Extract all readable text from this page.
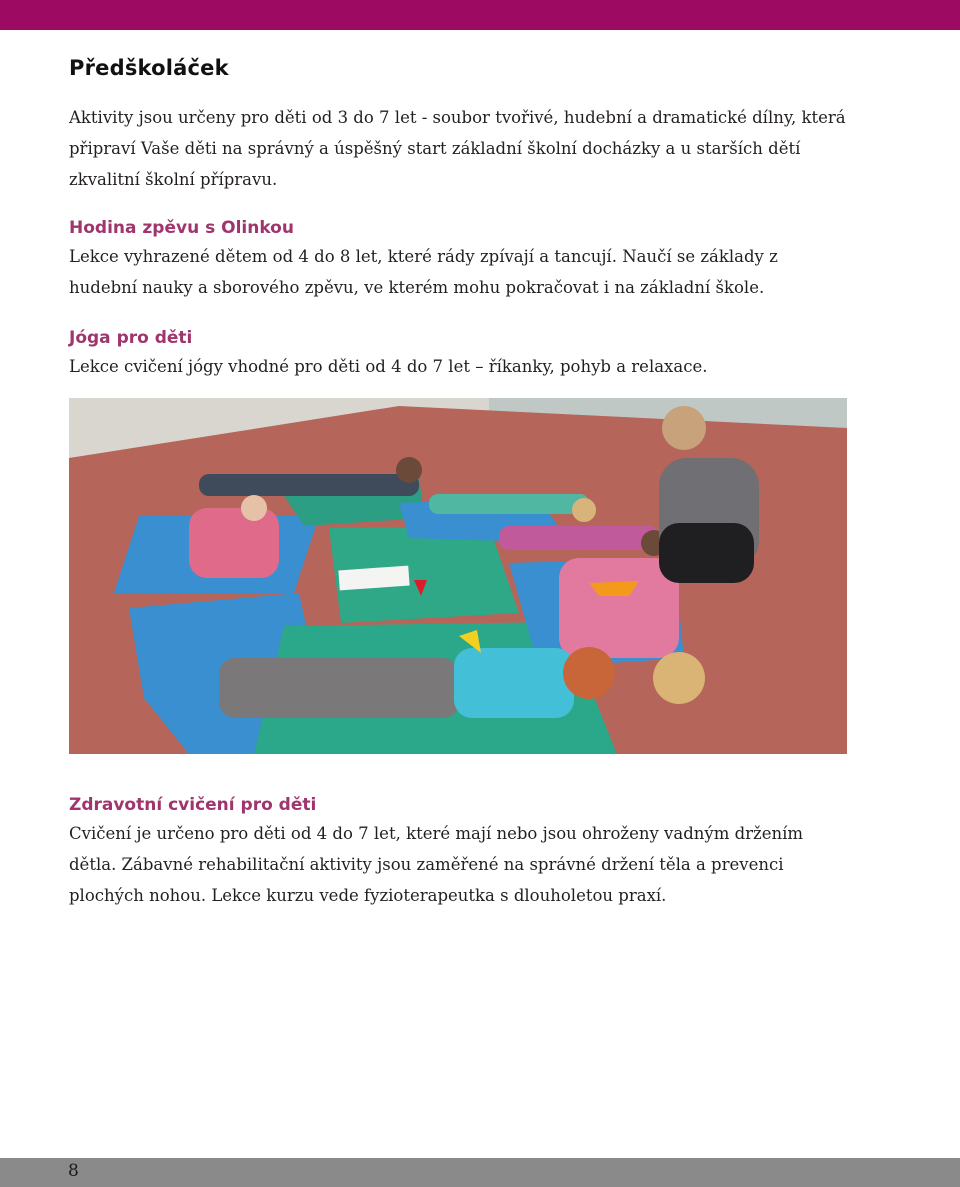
Předškoláček

Aktivity jsou určeny pro děti od 3 do 7 let - soubor tvořivé, hudební a dramatické dílny, která připraví Vaše děti na správný a úspěšný start základní školní docházky a u starších dětí zkvalitní školní přípravu.

Hodina zpěvu s Olinkou

Lekce vyhrazené dětem od 4 do 8 let, které rády zpívají a tancují. Naučí se základy z hudební nauky a sborového zpěvu, ve kterém mohu pokračovat i na základní škole.

Jóga pro děti

Lekce cvičení jógy vhodné pro děti od 4 do 7 let – říkanky, pohyb a relaxace.

Zdravotní cvičení pro děti

Cvičení je určeno pro děti od 4 do 7 let, které mají nebo jsou ohroženy vadným držením dětla. Zábavné rehabilitační aktivity jsou zaměřené na správné držení těla a prevenci plochých nohou. Lekce kurzu vede fyzioterapeutka s dlouholetou praxí.

8
